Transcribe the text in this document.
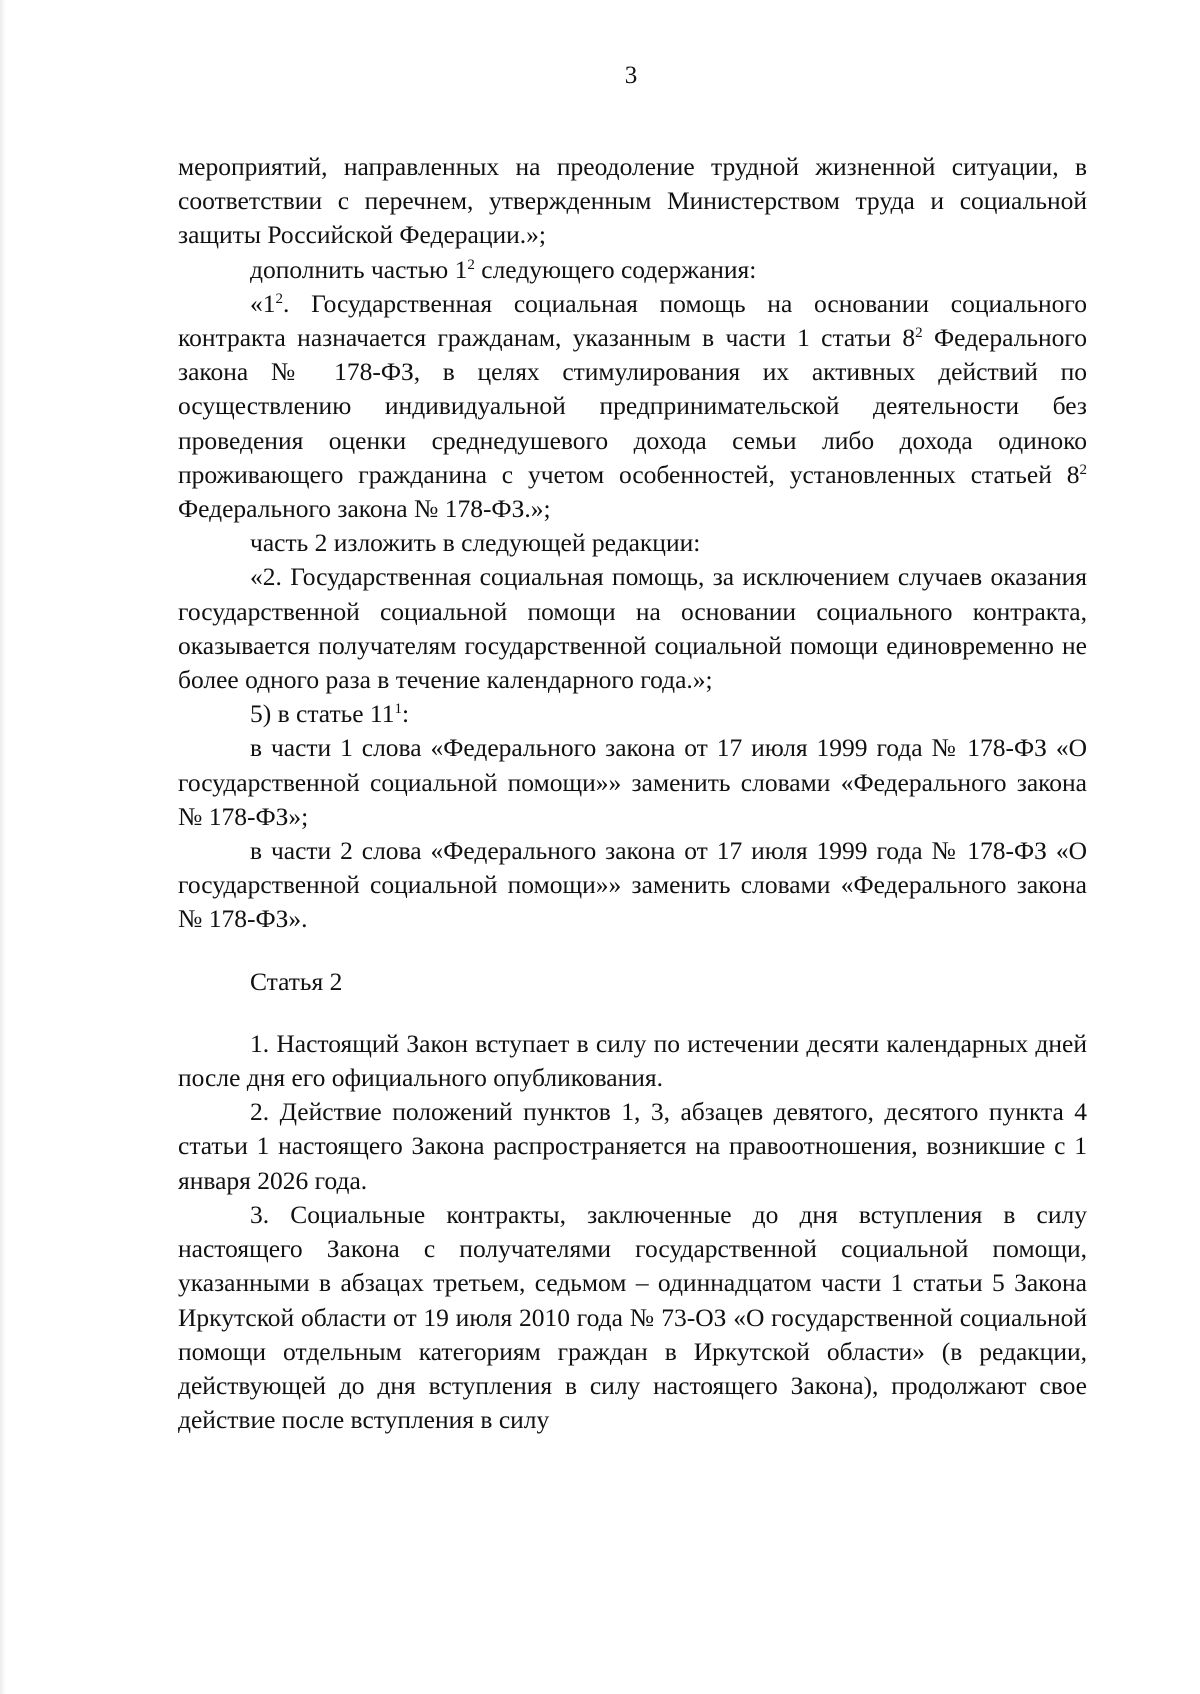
3

мероприятий, направленных на преодоление трудной жизненной ситуации, в соответствии с перечнем, утвержденным Министерством труда и социальной защиты Российской Федерации.»;

дополнить частью $1^2$ следующего содержания:

«$1^2$. Государственная социальная помощь на основании социального контракта назначается гражданам, указанным в части 1 статьи $8^2$ Федерального закона № 178-ФЗ, в целях стимулирования их активных действий по осуществлению индивидуальной предпринимательской деятельности без проведения оценки среднедушевого дохода семьи либо дохода одиноко проживающего гражданина с учетом особенностей, установленных статьей $8^2$ Федерального закона № 178-ФЗ.»;

часть 2 изложить в следующей редакции:

«2. Государственная социальная помощь, за исключением случаев оказания государственной социальной помощи на основании социального контракта, оказывается получателям государственной социальной помощи единовременно не более одного раза в течение календарного года.»;

5) в статье $11^1$:

в части 1 слова «Федерального закона от 17 июля 1999 года № 178-ФЗ «О государственной социальной помощи»» заменить словами «Федерального закона № 178-ФЗ»;

в части 2 слова «Федерального закона от 17 июля 1999 года № 178-ФЗ «О государственной социальной помощи»» заменить словами «Федерального закона № 178-ФЗ».

Статья 2

1. Настоящий Закон вступает в силу по истечении десяти календарных дней после дня его официального опубликования.

2. Действие положений пунктов 1, 3, абзацев девятого, десятого пункта 4 статьи 1 настоящего Закона распространяется на правоотношения, возникшие с 1 января 2026 года.

3. Социальные контракты, заключенные до дня вступления в силу настоящего Закона с получателями государственной социальной помощи, указанными в абзацах третьем, седьмом – одиннадцатом части 1 статьи 5 Закона Иркутской области от 19 июля 2010 года № 73-ОЗ «О государственной социальной помощи отдельным категориям граждан в Иркутской области» (в редакции, действующей до дня вступления в силу настоящего Закона), продолжают свое действие после вступления в силу
